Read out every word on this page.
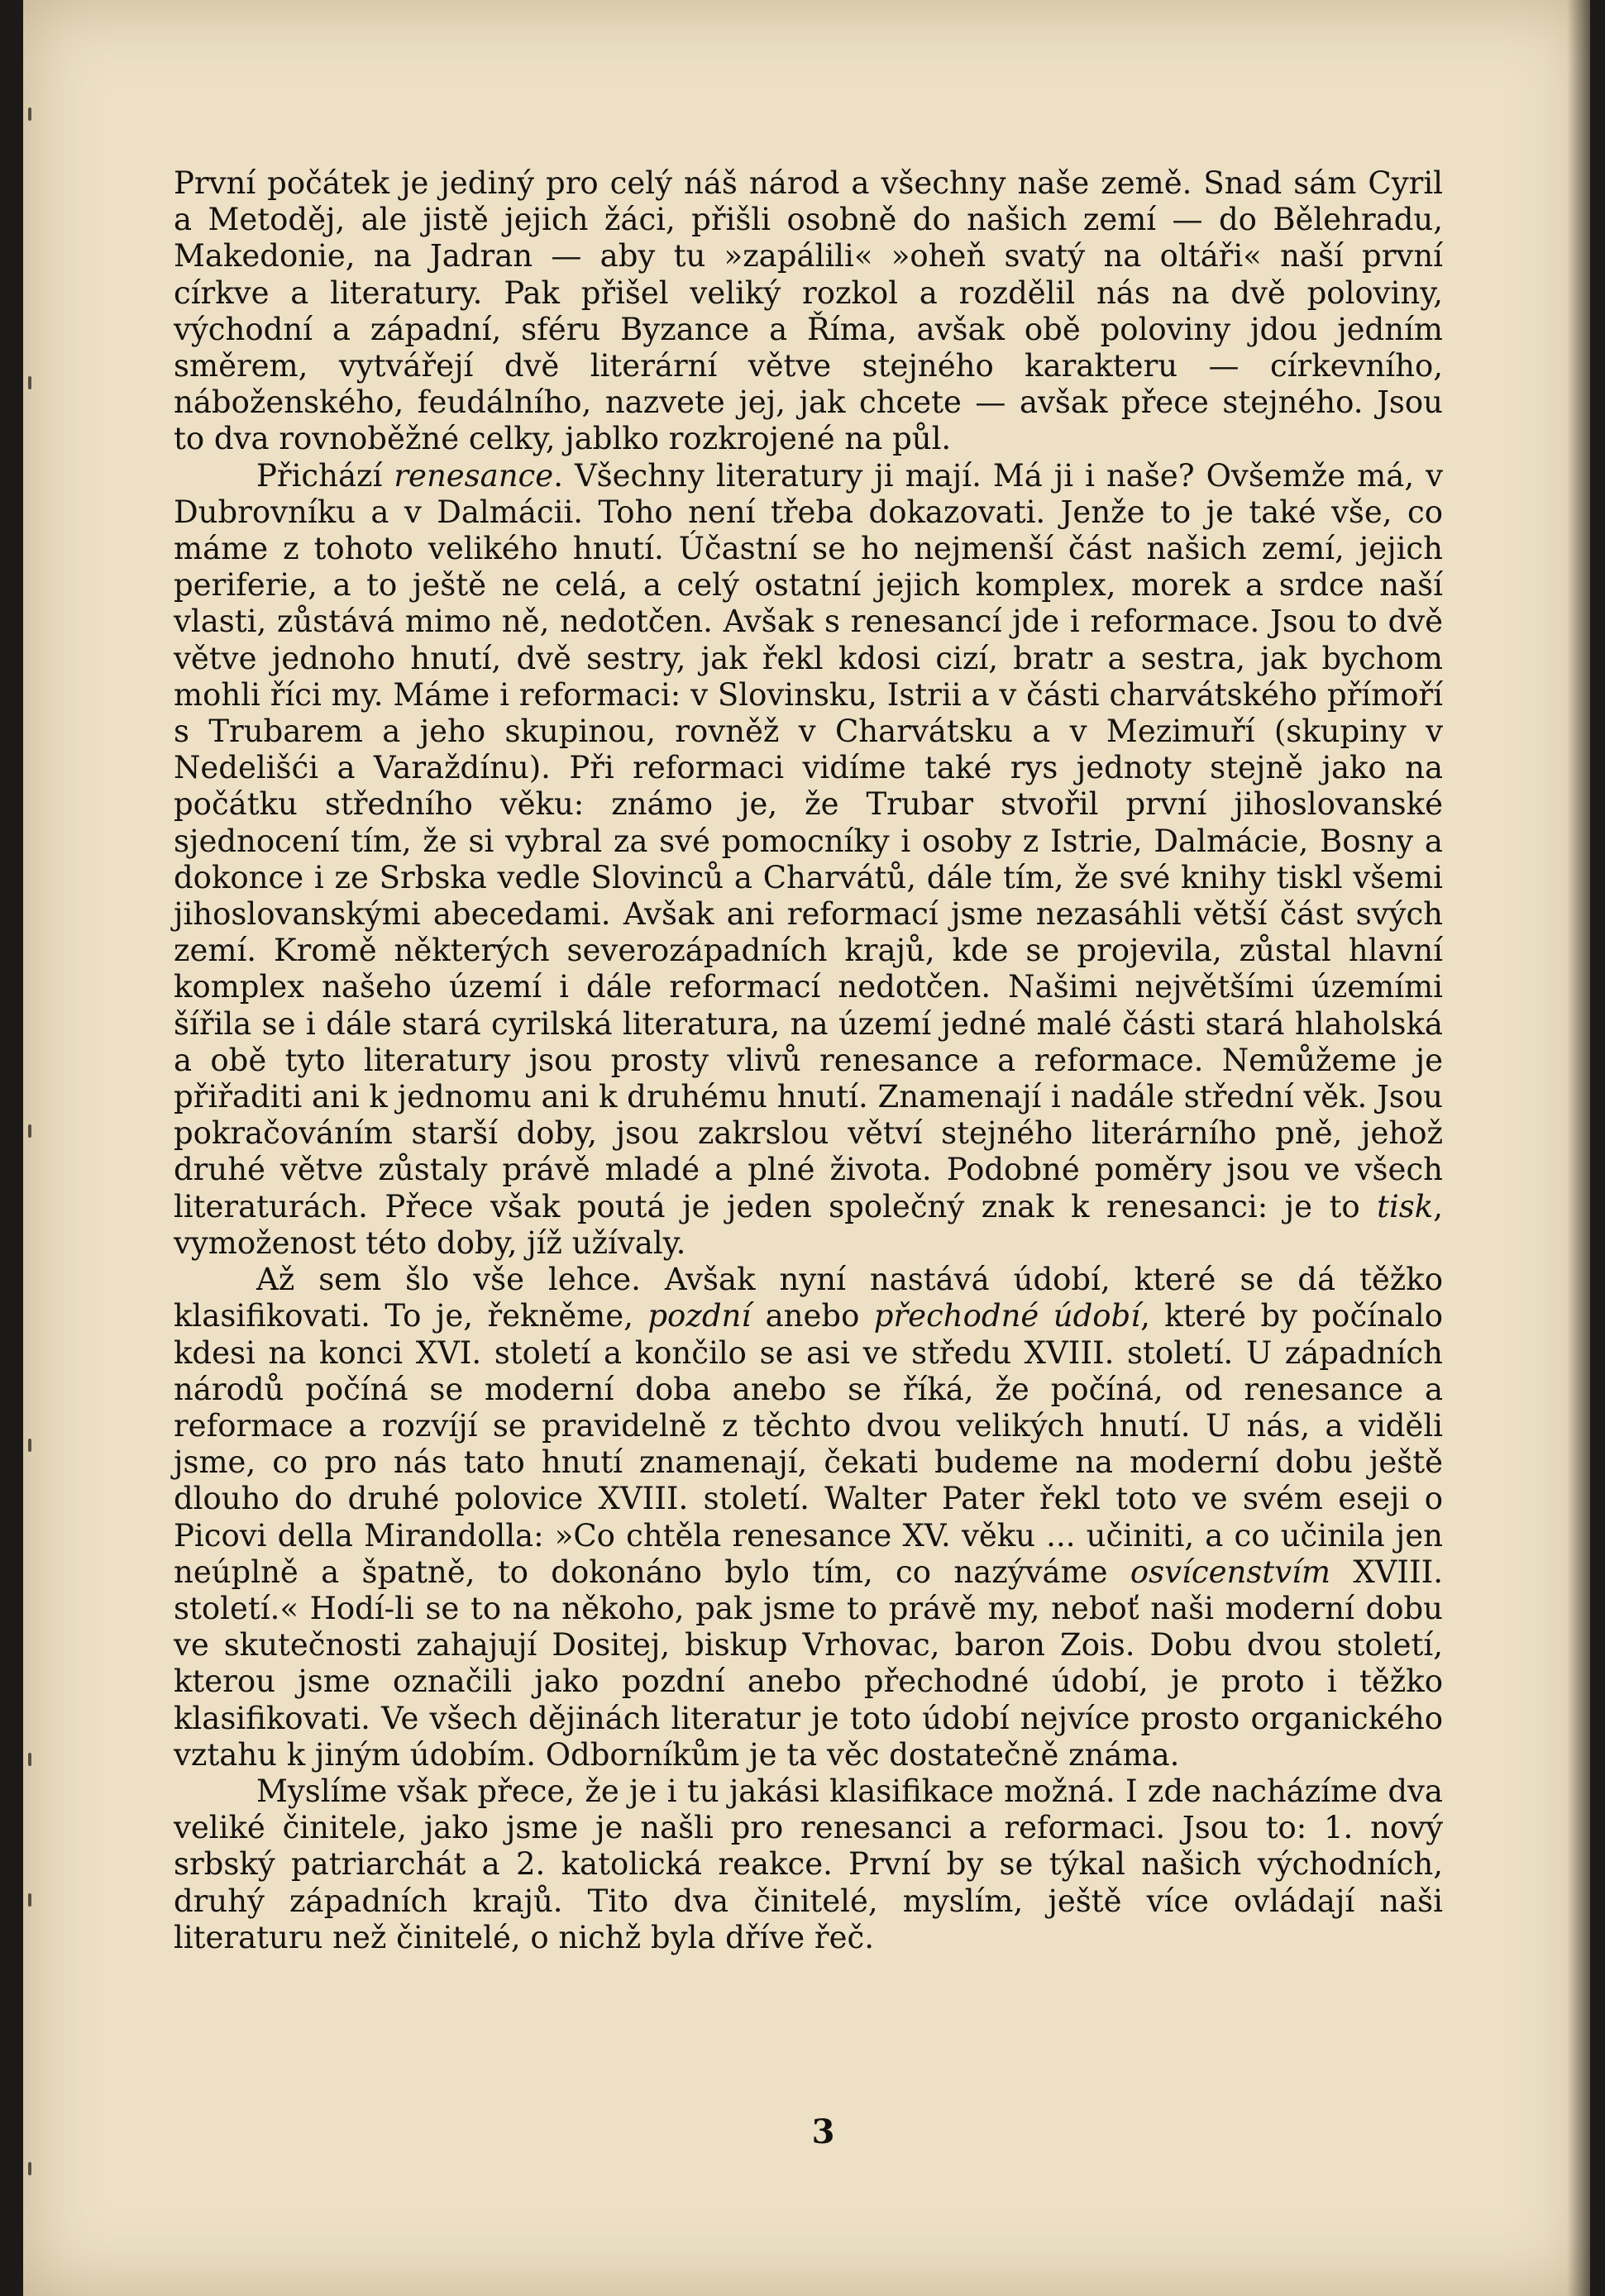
První počátek je jediný pro celý náš národ a všechny naše země. Snad sám Cyril a Metoděj, ale jistě jejich žáci, přišli osobně do našich zemí — do Bělehradu, Makedonie, na Jadran — aby tu »zapálili« »oheň svatý na oltáři« naší první církve a literatury. Pak přišel veliký rozkol a rozdělil nás na dvě poloviny, východní a západní, sféru Byzance a Říma, avšak obě poloviny jdou jedním směrem, vytvářejí dvě literární větve stejného karakteru — církevního, náboženského, feudálního, nazvete jej, jak chcete — avšak přece stejného. Jsou to dva rovnoběžné celky, jablko rozkrojené na půl.

Přichází renesance. Všechny literatury ji mají. Má ji i naše? Ovšemže má, v Dubrovníku a v Dalmácii. Toho není třeba dokazovati. Jenže to je také vše, co máme z tohoto velikého hnutí. Účastní se ho nejmenší část našich zemí, jejich periferie, a to ještě ne celá, a celý ostatní jejich komplex, morek a srdce naší vlasti, zůstává mimo ně, nedotčen. Avšak s renesancí jde i reformace. Jsou to dvě větve jednoho hnutí, dvě sestry, jak řekl kdosi cizí, bratr a sestra, jak bychom mohli říci my. Máme i reformaci: v Slovinsku, Istrii a v části charvátského přímoří s Trubarem a jeho skupinou, rovněž v Charvátsku a v Mezimuří (skupiny v Nedelišći a Varaždínu). Při reformaci vidíme také rys jednoty stejně jako na počátku středního věku: známo je, že Trubar stvořil první jihoslovanské sjednocení tím, že si vybral za své pomocníky i osoby z Istrie, Dalmácie, Bosny a dokonce i ze Srbska vedle Slovinců a Charvátů, dále tím, že své knihy tiskl všemi jihoslovanskými abecedami. Avšak ani reformací jsme nezasáhli větší část svých zemí. Kromě některých severozápadních krajů, kde se projevila, zůstal hlavní komplex našeho území i dále reformací nedotčen. Našimi největšími územími šířila se i dále stará cyrilská literatura, na území jedné malé části stará hlaholská a obě tyto literatury jsou prosty vlivů renesance a reformace. Nemůžeme je přiřaditi ani k jednomu ani k druhému hnutí. Znamenají i nadále střední věk. Jsou pokračováním starší doby, jsou zakrslou větví stejného literárního pně, jehož druhé větve zůstaly právě mladé a plné života. Podobné poměry jsou ve všech literaturách. Přece však poutá je jeden společný znak k renesanci: je to tisk, vymoženost této doby, jíž užívaly.

Až sem šlo vše lehce. Avšak nyní nastává údobí, které se dá těžko klasifikovati. To je, řekněme, pozdní anebo přechodné údobí, které by počínalo kdesi na konci XVI. století a končilo se asi ve středu XVIII. století. U západních národů počíná se moderní doba anebo se říká, že počíná, od renesance a reformace a rozvíjí se pravidelně z těchto dvou velikých hnutí. U nás, a viděli jsme, co pro nás tato hnutí znamenají, čekati budeme na moderní dobu ještě dlouho do druhé polovice XVIII. století. Walter Pater řekl toto ve svém eseji o Picovi della Mirandolla: »Co chtěla renesance XV. věku ... učiniti, a co učinila jen neúplně a špatně, to dokonáno bylo tím, co nazýváme osvícenstvím XVIII. století.« Hodí-li se to na někoho, pak jsme to právě my, neboť naši moderní dobu ve skutečnosti zahajují Dositej, biskup Vrhovac, baron Zois. Dobu dvou století, kterou jsme označili jako pozdní anebo přechodné údobí, je proto i těžko klasifikovati. Ve všech dějinách literatur je toto údobí nejvíce prosto organického vztahu k jiným údobím. Odborníkům je ta věc dostatečně známa.

Myslíme však přece, že je i tu jakási klasifikace možná. I zde nacházíme dva veliké činitele, jako jsme je našli pro renesanci a reformaci. Jsou to: 1. nový srbský patriarchát a 2. katolická reakce. První by se týkal našich východních, druhý západních krajů. Tito dva činitelé, myslím, ještě více ovládají naši literaturu než činitelé, o nichž byla dříve řeč.

3
